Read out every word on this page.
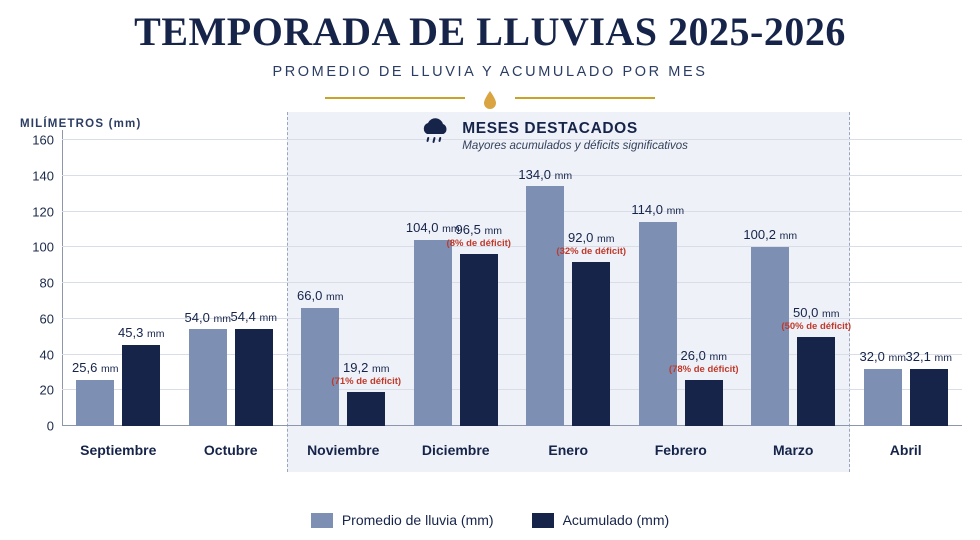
TEMPORADA DE LLUVIAS 2025-2026
PROMEDIO DE LLUVIA Y ACUMULADO POR MES
MILÍMETROS (mm)
160
140
120
100
80
60
40
20
0
25,6 mm
45,3 mm
54,0 mm 54,4 mm
66,0 mm
19,2 mm
(71% de déficit)
104,0 mm
96,5 mm
(8% de déficit)
134,0 mm
92,0 mm
(32% de déficit)
114,0 mm
26,0 mm
(78% de déficit)
100,2 mm
50,0 mm
(50% de déficit)
32,0 mm 32,1 mm
Septiembre	Octubre	Noviembre	Diciembre	Enero	Febrero	Marzo	Abril
MESES DESTACADOS
Mayores acumulados y déficits significativos
Promedio de lluvia (mm)	Acumulado (mm)
